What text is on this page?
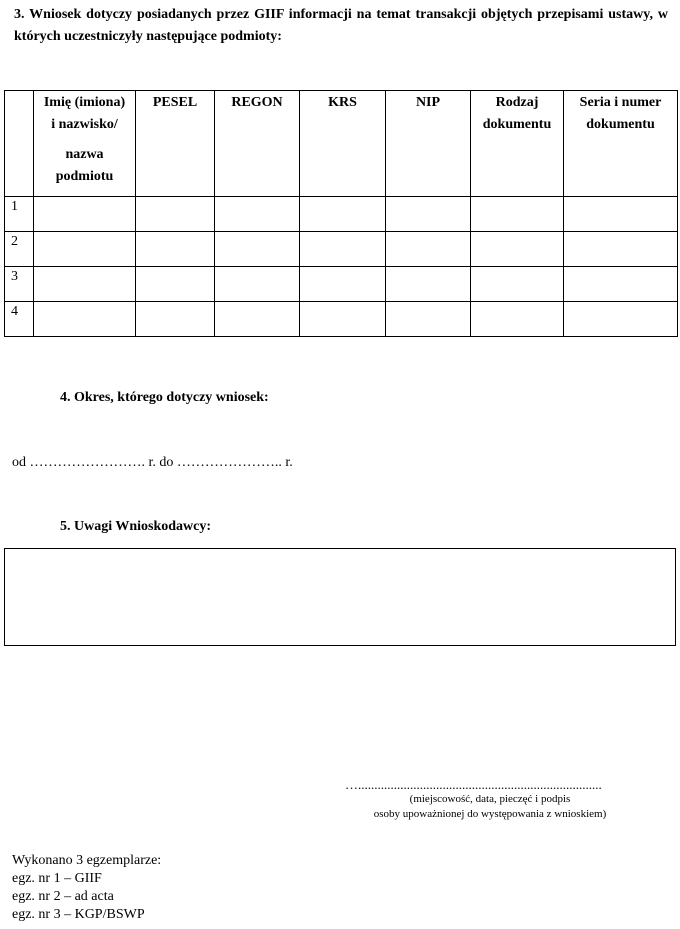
3. Wniosek dotyczy posiadanych przez GIIF informacji na temat transakcji objętych przepisami ustawy, w których uczestniczyły następujące podmioty:
	Imię (imiona)
i nazwisko/
nazwa
podmiotu	PESEL	REGON	KRS	NIP	Rodzaj
dokumentu	Seria i numer
dokumentu
1							
2							
3							
4							
4. Okres, którego dotyczy wniosek:
od ……………………. r. do ………………….. r.
5. Uwagi Wnioskodawcy:
…...........................................................................
(miejscowość, data, pieczęć i podpis
osoby upoważnionej do występowania z wnioskiem)
Wykonano 3 egzemplarze:
egz. nr 1 – GIIF
egz. nr 2 – ad acta
egz. nr 3 – KGP/BSWP
